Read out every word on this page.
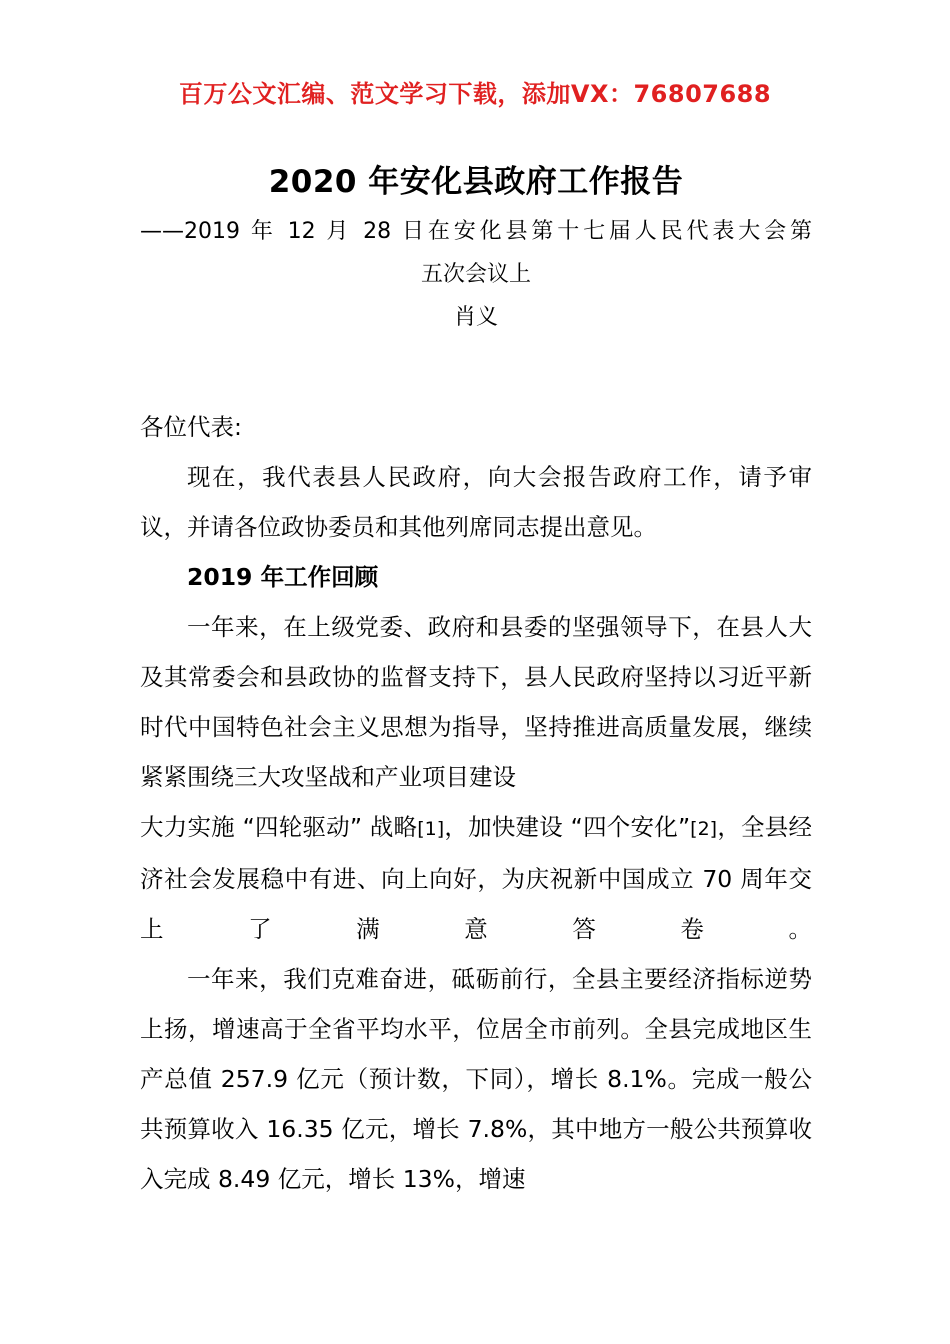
百万公文汇编、范文学习下载，添加VX：76807688
2020 年安化县政府工作报告
——2019 年 12 月 28 日在安化县第十七届人民代表大会第
五次会议上
肖义

各位代表:

现在，我代表县人民政府，向大会报告政府工作，请予审议，并请各位政协委员和其他列席同志提出意见。

2019 年工作回顾

一年来，在上级党委、政府和县委的坚强领导下，在县人大及其常委会和县政协的监督支持下，县人民政府坚持以习近平新时代中国特色社会主义思想为指导，坚持推进高质量发展，继续紧紧围绕三大攻坚战和产业项目建设

大力实施 “四轮驱动” 战略[1]，加快建设 “四个安化”[2]，全县经济社会发展稳中有进、向上向好，为庆祝新中国成立 70 周年交上了满意答卷。

一年来，我们克难奋进，砥砺前行，全县主要经济指标逆势上扬，增速高于全省平均水平，位居全市前列。全县完成地区生产总值 257.9 亿元（预计数，下同），增长 8.1%。完成一般公共预算收入 16.35 亿元，增长 7.8%，其中地方一般公共预算收入完成 8.49 亿元，增长 13%，增速
